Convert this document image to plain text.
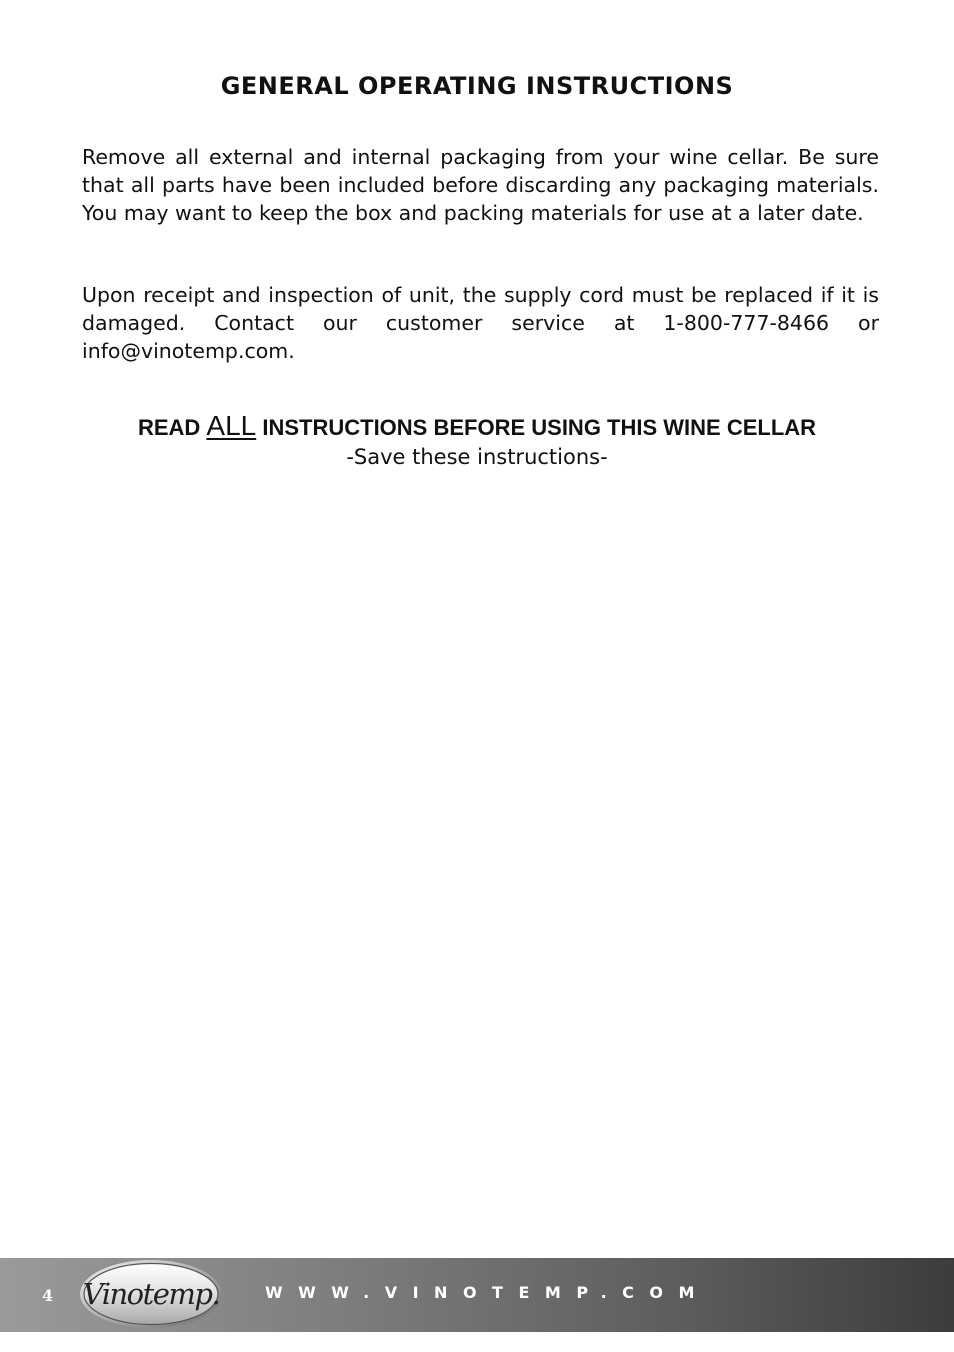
GENERAL OPERATING INSTRUCTIONS

Remove all external and internal packaging from your wine cellar. Be sure that all parts have been included before discarding any packaging materials. You may want to keep the box and packing materials for use at a later date.

Upon receipt and inspection of unit, the supply cord must be replaced if it is damaged. Contact our customer service at 1-800-777-8466 or info@vinotemp.com.

READ ALL INSTRUCTIONS BEFORE USING THIS WINE CELLAR
-Save these instructions-
4 Vinotemp.	WWW.VINOTEMP.COM
